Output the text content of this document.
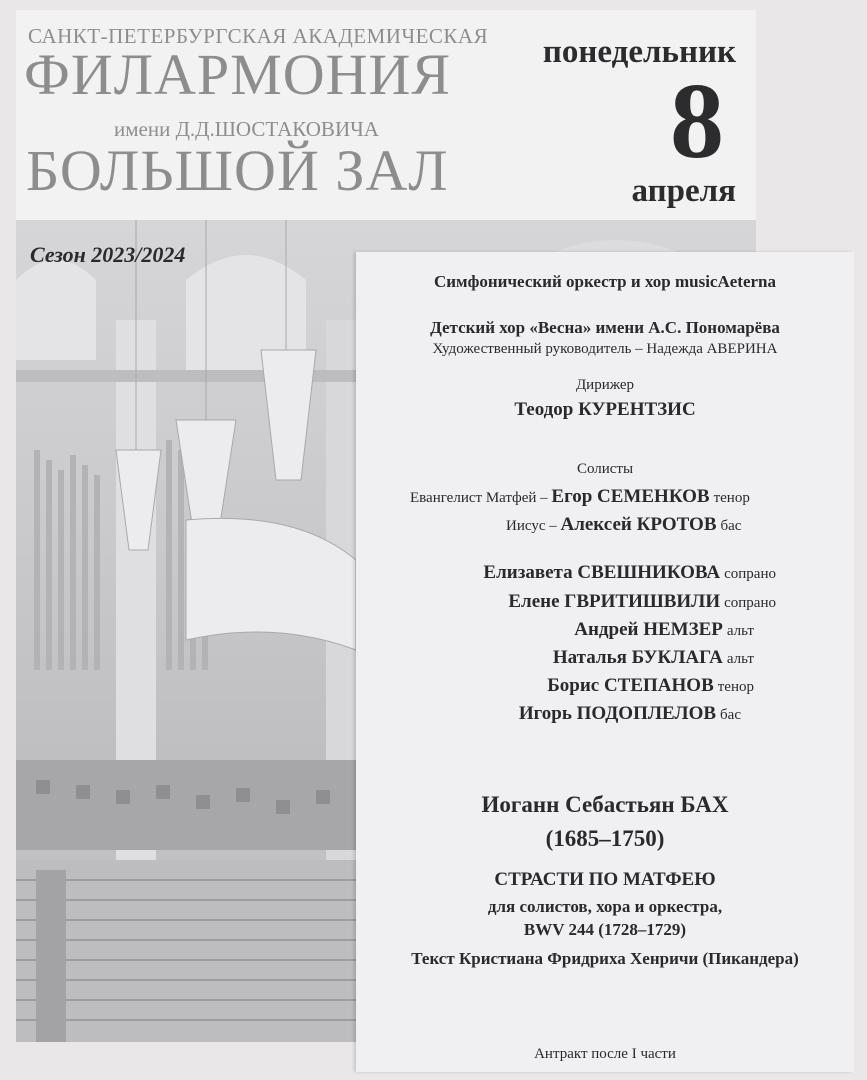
САНКТ-ПЕТЕРБУРГСКАЯ АКАДЕМИЧЕСКАЯ
ФИЛАРМОНИЯ
имени Д.Д.ШОСТАКОВИЧА
БОЛЬШОЙ ЗАЛ
понедельник
8
апреля
Сезон 2023/2024
Симфонический оркестр и хор musicAeterna
Детский хор «Весна» имени А.С. Пономарёва
Художественный руководитель – Надежда АВЕРИНА
Дирижер
Теодор КУРЕНТЗИС
Солисты
Евангелист Матфей – Егор СЕМЕНКОВ тенор
Иисус – Алексей КРОТОВ бас
Елизавета СВЕШНИКОВА сопрано
Елене ГВРИТИШВИЛИ сопрано
Андрей НЕМЗЕР альт
Наталья БУКЛАГА альт
Борис СТЕПАНОВ тенор
Игорь ПОДОПЛЕЛОВ бас
Иоганн Себастьян БАХ
(1685–1750)
СТРАСТИ ПО МАТФЕЮ
для солистов, хора и оркестра,
BWV 244 (1728–1729)
Текст Кристиана Фридриха Хенричи (Пикандера)
Антракт после I части
